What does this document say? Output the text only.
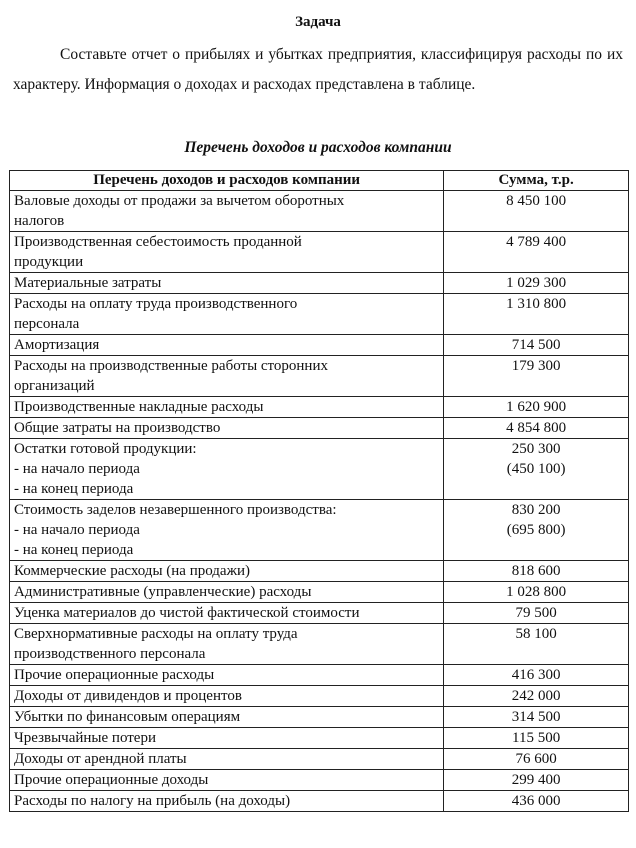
Задача
Составьте отчет о прибылях и убытках предприятия, классифицируя расходы по их характеру. Информация о доходах и расходах представлена в таблице.
Перечень доходов и расходов компании
Перечень доходов и расходов компании	Сумма, т.р.

Валовые доходы от продажи за вычетом оборотных
налогов	8 450 100

Производственная себестоимость проданной
продукции	4 789 400

Материальные затраты	1 029 300

Расходы на оплату труда производственного
персонала	1 310 800

Амортизация	714 500

Расходы на производственные работы сторонних
организаций	179 300

Производственные накладные расходы	1 620 900

Общие затраты на производство	4 854 800

Остатки готовой продукции:
- на начало периода
- на конец периода	250 300
(450 100)

Стоимость заделов незавершенного производства:
- на начало периода
- на конец периода	830 200
(695 800)

Коммерческие расходы (на продажи)	818 600

Административные (управленческие) расходы	1 028 800

Уценка материалов до чистой фактической стоимости	79 500

Сверхнормативные расходы на оплату труда
производственного персонала	58 100

Прочие операционные расходы	416 300

Доходы от дивидендов и процентов	242 000

Убытки по финансовым операциям	314 500

Чрезвычайные потери	115 500

Доходы от арендной платы	76 600

Прочие операционные доходы	299 400

Расходы по налогу на прибыль (на доходы)	436 000
